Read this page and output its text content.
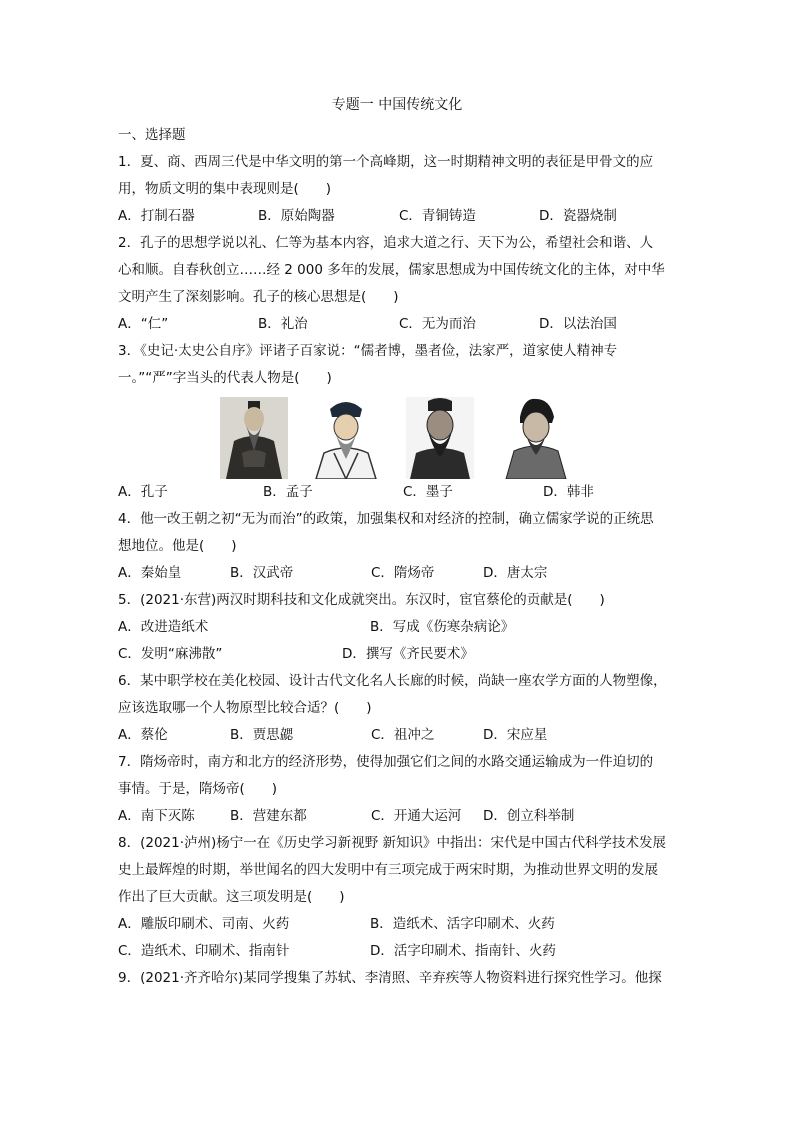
专题一 中国传统文化
一、选择题
1．夏、商、西周三代是中华文明的第一个高峰期，这一时期精神文明的表征是甲骨文的应
用，物质文明的集中表现则是(　　)
A．打制石器	B．原始陶器	C．青铜铸造	D．瓷器烧制
2．孔子的思想学说以礼、仁等为基本内容，追求大道之行、天下为公，希望社会和谐、人
心和顺。自春秋创立……经 2 000 多年的发展，儒家思想成为中国传统文化的主体，对中华
文明产生了深刻影响。孔子的核心思想是(　　)
A．“仁”	B．礼治	C．无为而治	D．以法治国
3．《史记·太史公自序》评诸子百家说：“儒者博，墨者俭，法家严，道家使人精神专
一。”“严”字当头的代表人物是(　　)
A．孔子	B．孟子	C．墨子	D．韩非
4．他一改王朝之初“无为而治”的政策，加强集权和对经济的控制，确立儒家学说的正统思
想地位。他是(　　)
A．秦始皇	B．汉武帝	C．隋炀帝	D．唐太宗
5．(2021·东营)两汉时期科技和文化成就突出。东汉时，宦官蔡伦的贡献是(　　)
A．改进造纸术	B．写成《伤寒杂病论》
C．发明“麻沸散”	D．撰写《齐民要术》
6．某中职学校在美化校园、设计古代文化名人长廊的时候，尚缺一座农学方面的人物塑像，
应该选取哪一个人物原型比较合适？(　　)
A．蔡伦	B．贾思勰	C．祖冲之	D．宋应星
7．隋炀帝时，南方和北方的经济形势，使得加强它们之间的水路交通运输成为一件迫切的
事情。于是，隋炀帝(　　)
A．南下灭陈	B．营建东都	C．开通大运河 D．创立科举制
8．(2021·泸州)杨宁一在《历史学习新视野 新知识》中指出：宋代是中国古代科学技术发展
史上最辉煌的时期，举世闻名的四大发明中有三项完成于两宋时期，为推动世界文明的发展
作出了巨大贡献。这三项发明是(　　)
A．雕版印刷术、司南、火药	B．造纸术、活字印刷术、火药
C．造纸术、印刷术、指南针	D．活字印刷术、指南针、火药
9．(2021·齐齐哈尔)某同学搜集了苏轼、李清照、辛弃疾等人物资料进行探究性学习。他探
